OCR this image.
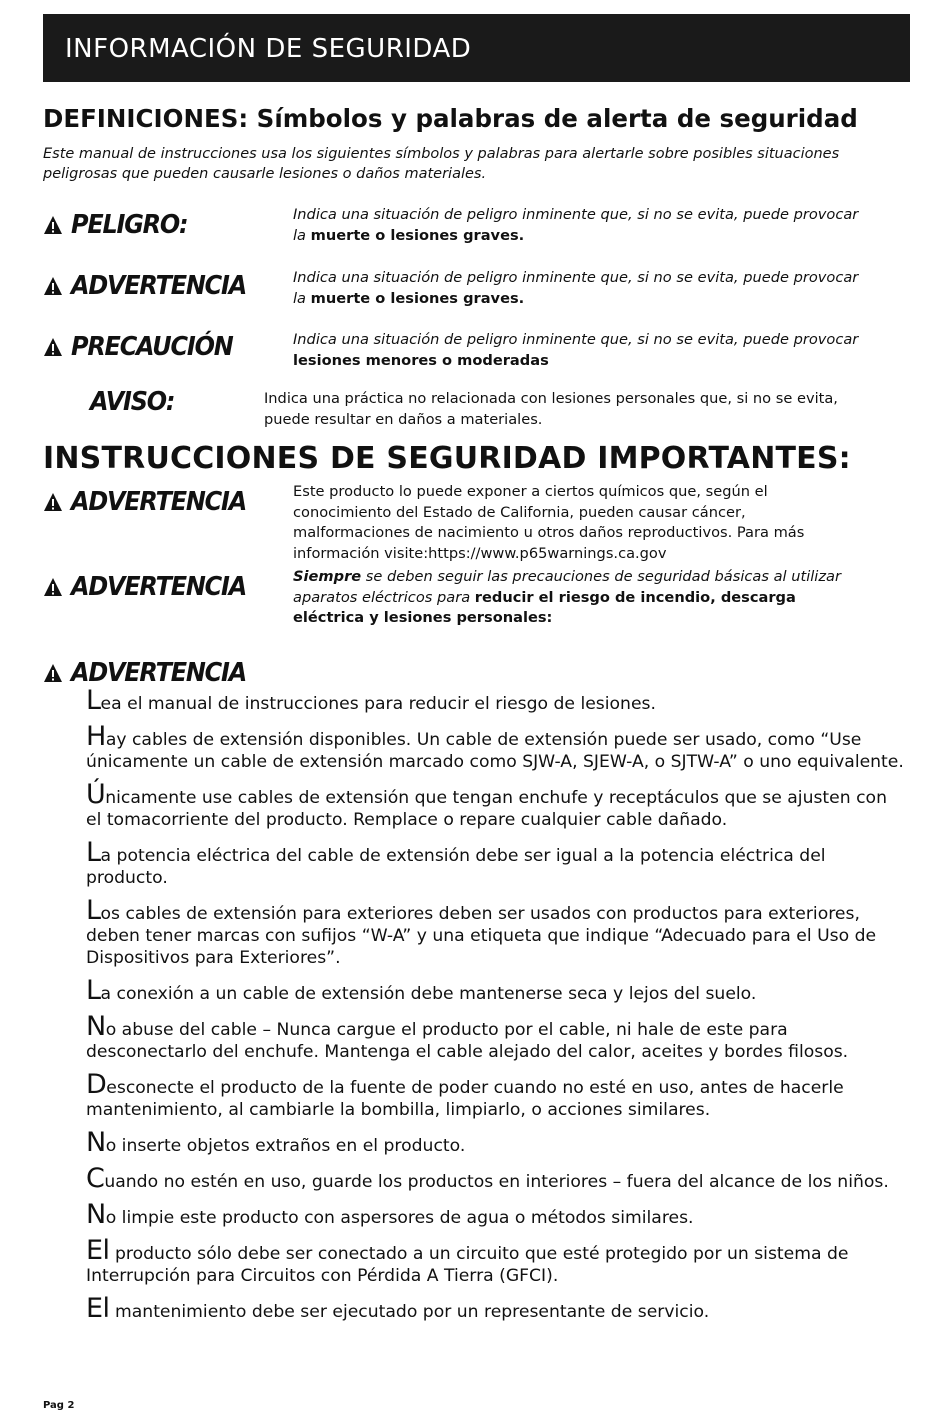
INFORMACIÓN DE SEGURIDAD
DEFINICIONES: Símbolos y palabras de alerta de seguridad
Este manual de instrucciones usa los siguientes símbolos y palabras para alertarle sobre posibles situaciones peligrosas que pueden causarle lesiones o daños materiales.
PELIGRO:	Indica una situación de peligro inminente que, si no se evita, puede provocar la muerte o lesiones graves.
ADVERTENCIA	Indica una situación de peligro inminente que, si no se evita, puede provocar la muerte o lesiones graves.
PRECAUCIÓN	Indica una situación de peligro inminente que, si no se evita, puede provocar lesiones menores o moderadas
AVISO:	Indica una práctica no relacionada con lesiones personales que, si no se evita, puede resultar en daños a materiales.
INSTRUCCIONES DE SEGURIDAD IMPORTANTES:
ADVERTENCIA	Este producto lo puede exponer a ciertos químicos que, según el conocimiento del Estado de California, pueden causar cáncer, malformaciones de nacimiento u otros daños reproductivos. Para más información visite:https://www.p65warnings.ca.gov
ADVERTENCIA	Siempre se deben seguir las precauciones de seguridad básicas al utilizar aparatos eléctricos para reducir el riesgo de incendio, descarga eléctrica y lesiones personales:
ADVERTENCIA
Lea el manual de instrucciones para reducir el riesgo de lesiones.
Hay cables de extensión disponibles. Un cable de extensión puede ser usado, como “Use únicamente un cable de extensión marcado como SJW-A, SJEW-A, o SJTW-A” o uno equivalente.
Únicamente use cables de extensión que tengan enchufe y receptáculos que se ajusten con el tomacorriente del producto. Remplace o repare cualquier cable dañado.
La potencia eléctrica del cable de extensión debe ser igual a la potencia eléctrica del producto.
Los cables de extensión para exteriores deben ser usados con productos para exteriores, deben tener marcas con sufijos “W-A” y una etiqueta que indique “Adecuado para el Uso de Dispositivos para Exteriores”.
La conexión a un cable de extensión debe mantenerse seca y lejos del suelo.
No abuse del cable – Nunca cargue el producto por el cable, ni hale de este para desconectarlo del enchufe. Mantenga el cable alejado del calor, aceites y bordes filosos.
Desconecte el producto de la fuente de poder cuando no esté en uso, antes de hacerle mantenimiento, al cambiarle la bombilla, limpiarlo, o acciones similares.
No inserte objetos extraños en el producto.
Cuando no estén en uso, guarde los productos en interiores – fuera del alcance de los niños.
No limpie este producto con aspersores de agua o métodos similares.
El producto sólo debe ser conectado a un circuito que esté protegido por un sistema de Interrupción para Circuitos con Pérdida A Tierra (GFCI).
El mantenimiento debe ser ejecutado por un representante de servicio.
Pag 2
